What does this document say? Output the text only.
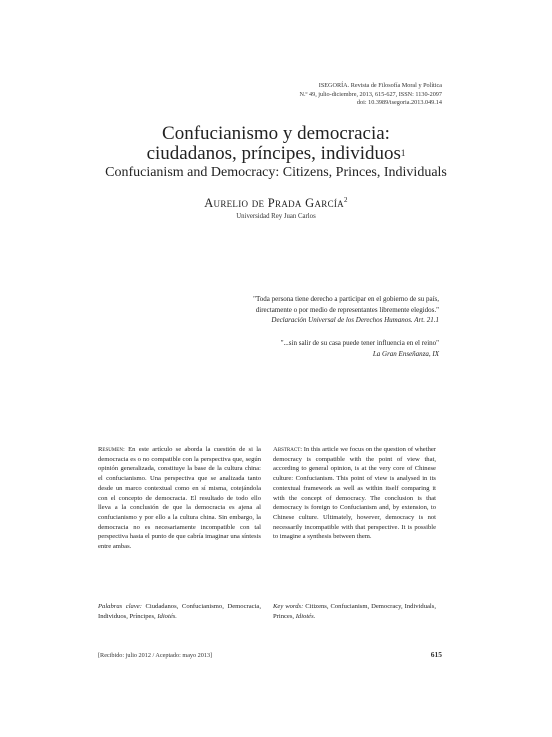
ISEGORÍA. Revista de Filosofía Moral y Política
N.º 49, julio-diciembre, 2013, 615-627, ISSN: 1130-2097
doi: 10.3989/isegoria.2013.049.14
Confucianismo y democracia:
ciudadanos, príncipes, individuos$^1$
Confucianism and Democracy: Citizens, Princes, Individuals
Aurelio de Prada García$^2$
Universidad Rey Juan Carlos
"Toda persona tiene derecho a participar en el gobierno de su país,
directamente o por medio de representantes libremente elegidos."
Declaración Universal de los Derechos Humanos. Art. 21.1
"...sin salir de su casa puede tener influencia en el reino"
La Gran Enseñanza, IX
Resumen: En este artículo se aborda la cuestión de si la democracia es o no compatible con la perspectiva que, según opinión generalizada, constituye la base de la cultura china: el confucianismo. Una perspectiva que se analizada tanto desde un marco contextual como en sí misma, cotejándola con el concepto de democracia. El resultado de todo ello lleva a la conclusión de que la democracia es ajena al confucianismo y por ello a la cultura china. Sin embargo, la democracia no es necesariamente incompatible con tal perspectiva hasta el punto de que cabría imaginar una síntesis entre ambas.
Palabras clave: Ciudadanos, Confucianismo, Democracia, Individuos, Príncipes, Idiotés.
Abstract: In this article we focus on the question of whether democracy is compatible with the point of view that, according to general opinion, is at the very core of Chinese culture: Confucianism. This point of view is analysed in its contextual framework as well as within itself comparing it with the concept of democracy. The conclusion is that democracy is foreign to Confucianism and, by extension, to Chinese culture. Ultimately, however, democracy is not necessarily incompatible with that perspective. It is possible to imagine a synthesis between them.
Key words: Citizens, Confucianism, Democracy, Individuals, Princes, Idiotés.
[Recibido: julio 2012 / Aceptado: mayo 2013]	615
